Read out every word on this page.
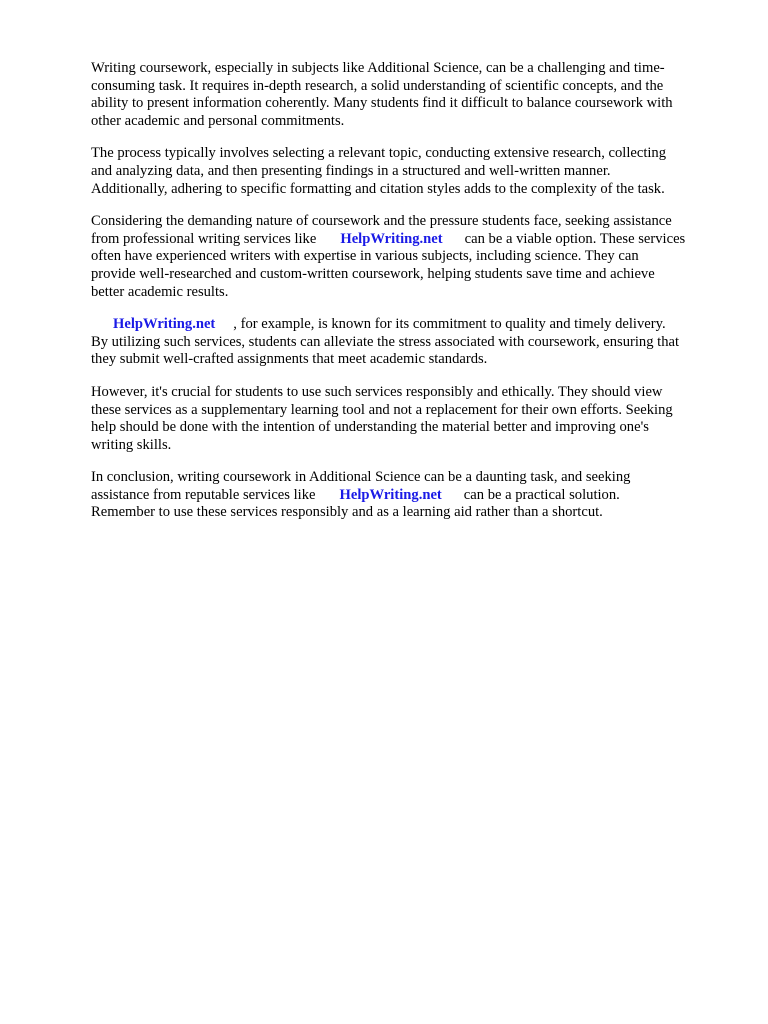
Writing coursework, especially in subjects like Additional Science, can be a challenging and time-
consuming task. It requires in-depth research, a solid understanding of scientific concepts, and the
ability to present information coherently. Many students find it difficult to balance coursework with
other academic and personal commitments.

The process typically involves selecting a relevant topic, conducting extensive research, collecting
and analyzing data, and then presenting findings in a structured and well-written manner.
Additionally, adhering to specific formatting and citation styles adds to the complexity of the task.

Considering the demanding nature of coursework and the pressure students face, seeking assistance
from professional writing services like HelpWriting.net can be a viable option. These services
often have experienced writers with expertise in various subjects, including science. They can
provide well-researched and custom-written coursework, helping students save time and achieve
better academic results.

HelpWriting.net , for example, is known for its commitment to quality and timely delivery.
By utilizing such services, students can alleviate the stress associated with coursework, ensuring that
they submit well-crafted assignments that meet academic standards.

However, it's crucial for students to use such services responsibly and ethically. They should view
these services as a supplementary learning tool and not a replacement for their own efforts. Seeking
help should be done with the intention of understanding the material better and improving one's
writing skills.

In conclusion, writing coursework in Additional Science can be a daunting task, and seeking
assistance from reputable services like HelpWriting.net can be a practical solution.
Remember to use these services responsibly and as a learning aid rather than a shortcut.
